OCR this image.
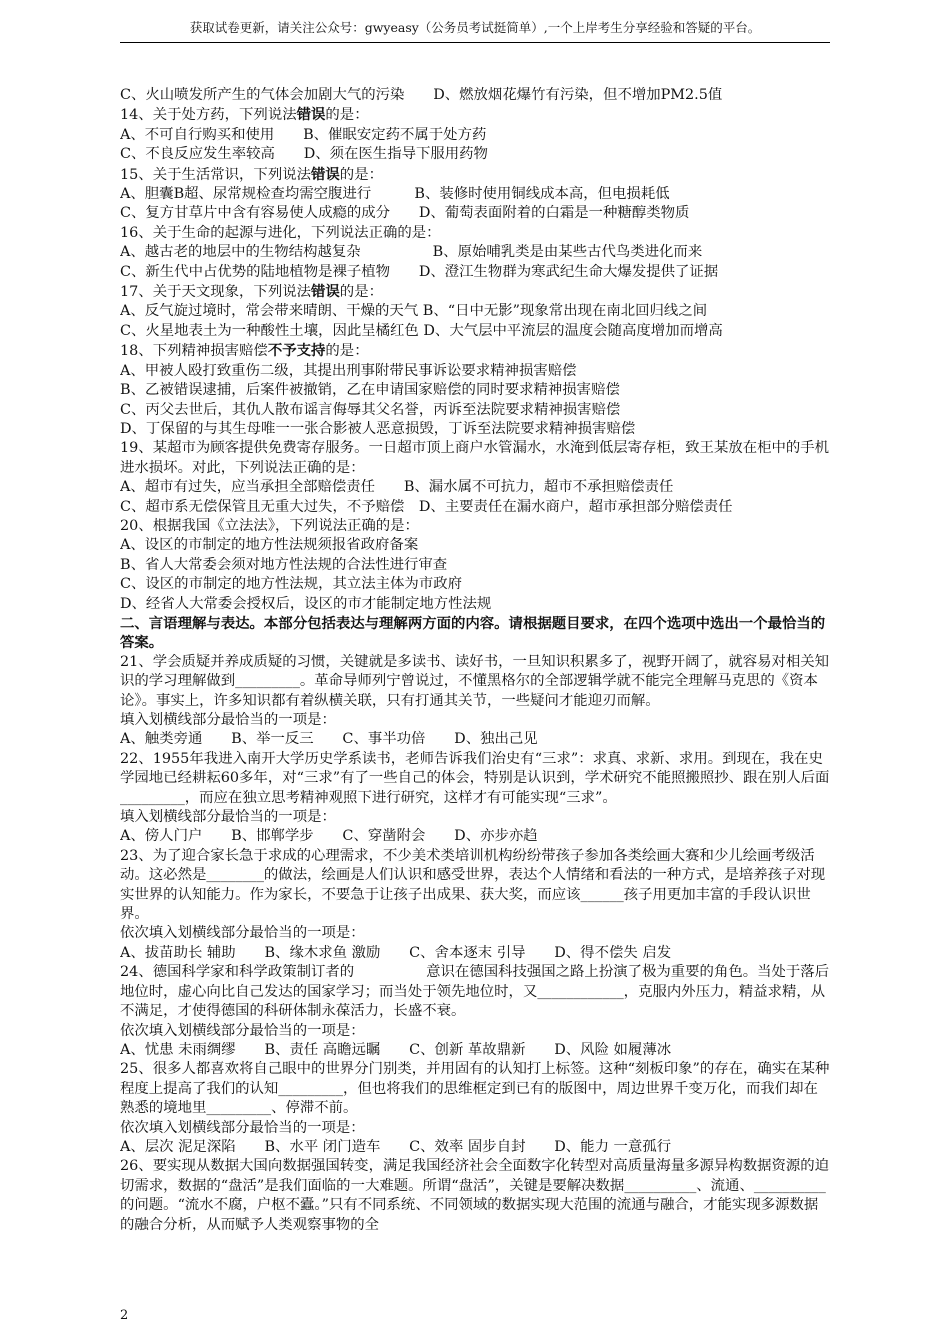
获取试卷更新，请关注公众号：gwyeasy（公务员考试挺简单）,一个上岸考生分享经验和答疑的平台。
C、火山喷发所产生的气体会加剧大气的污染　　D、燃放烟花爆竹有污染，但不增加PM2.5值
14、关于处方药，下列说法错误的是：
A、不可自行购买和使用　　B、催眠安定药不属于处方药
C、不良反应发生率较高　　D、须在医生指导下服用药物
15、关于生活常识，下列说法错误的是：
A、胆囊B超、尿常规检查均需空腹进行　　　B、装修时使用铜线成本高，但电损耗低
C、复方甘草片中含有容易使人成瘾的成分　　D、葡萄表面附着的白霜是一种糖醇类物质
16、关于生命的起源与进化，下列说法正确的是：
A、越古老的地层中的生物结构越复杂　　　　　B、原始哺乳类是由某些古代鸟类进化而来
C、新生代中占优势的陆地植物是裸子植物　　D、澄江生物群为寒武纪生命大爆发提供了证据
17、关于天文现象，下列说法错误的是：
A、反气旋过境时，常会带来晴朗、干燥的天气 B、“日中无影”现象常出现在南北回归线之间
C、火星地表土为一种酸性土壤，因此呈橘红色 D、大气层中平流层的温度会随高度增加而增高
18、下列精神损害赔偿不予支持的是：
A、甲被人殴打致重伤二级，其提出刑事附带民事诉讼要求精神损害赔偿
B、乙被错误逮捕，后案件被撤销，乙在申请国家赔偿的同时要求精神损害赔偿
C、丙父去世后，其仇人散布谣言侮辱其父名誉，丙诉至法院要求精神损害赔偿
D、丁保留的与其生母唯一一张合影被人恶意损毁，丁诉至法院要求精神损害赔偿
19、某超市为顾客提供免费寄存服务。一日超市顶上商户水管漏水，水淹到低层寄存柜，致王某放在柜中的手机进水损坏。对此，下列说法正确的是：
A、超市有过失，应当承担全部赔偿责任　　B、漏水属不可抗力，超市不承担赔偿责任
C、超市系无偿保管且无重大过失，不予赔偿　D、主要责任在漏水商户，超市承担部分赔偿责任
20、根据我国《立法法》，下列说法正确的是：
A、设区的市制定的地方性法规须报省政府备案
B、省人大常委会须对地方性法规的合法性进行审查
C、设区的市制定的地方性法规，其立法主体为市政府
D、经省人大常委会授权后，设区的市才能制定地方性法规
二、言语理解与表达。本部分包括表达与理解两方面的内容。请根据题目要求，在四个选项中选出一个最恰当的答案。
21、学会质疑并养成质疑的习惯，关键就是多读书、读好书，一旦知识积累多了，视野开阔了，就容易对相关知识的学习理解做到_________。革命导师列宁曾说过，不懂黑格尔的全部逻辑学就不能完全理解马克思的《资本论》。事实上，许多知识都有着纵横关联，只有打通其关节，一些疑问才能迎刃而解。
填入划横线部分最恰当的一项是：
A、触类旁通　　B、举一反三　　C、事半功倍　　D、独出己见
22、1955年我进入南开大学历史学系读书，老师告诉我们治史有“三求”：求真、求新、求用。到现在，我在史学园地已经耕耘60多年，对“三求”有了一些自己的体会，特别是认识到，学术研究不能照搬照抄、跟在别人后面_________，而应在独立思考精神观照下进行研究，这样才有可能实现“三求”。
填入划横线部分最恰当的一项是：
A、傍人门户　　B、邯郸学步　　C、穿凿附会　　D、亦步亦趋
23、为了迎合家长急于求成的心理需求，不少美术类培训机构纷纷带孩子参加各类绘画大赛和少儿绘画考级活动。这必然是________的做法，绘画是人们认识和感受世界，表达个人情绪和看法的一种方式，是培养孩子对现实世界的认知能力。作为家长，不要急于让孩子出成果、获大奖，而应该______孩子用更加丰富的手段认识世界。
依次填入划横线部分最恰当的一项是：
A、拔苗助长 辅助　　B、缘木求鱼 激励　　C、舍本逐末 引导　　D、得不偿失 启发
24、德国科学家和科学政策制订者的　　　　　意识在德国科技强国之路上扮演了极为重要的角色。当处于落后地位时，虚心向比自己发达的国家学习；而当处于领先地位时，又____________，克服内外压力，精益求精，从不满足，才使得德国的科研体制永葆活力，长盛不衰。
依次填入划横线部分最恰当的一项是：
A、忧患 未雨绸缪　　B、责任 高瞻远瞩　　C、创新 革故鼎新　　D、风险 如履薄冰
25、很多人都喜欢将自己眼中的世界分门别类，并用固有的认知打上标签。这种“刻板印象”的存在，确实在某种程度上提高了我们的认知_________，但也将我们的思维框定到已有的版图中，周边世界千变万化，而我们却在熟悉的境地里_________、停滞不前。
依次填入划横线部分最恰当的一项是：
A、层次 泥足深陷　　B、水平 闭门造车　　C、效率 固步自封　　D、能力 一意孤行
26、要实现从数据大国向数据强国转变，满足我国经济社会全面数字化转型对高质量海量多源异构数据资源的迫切需求，数据的“盘活”是我们面临的一大难题。所谓“盘活”，关键是要解决数据__________、流通、__________的问题。“流水不腐，户枢不蠹。”只有不同系统、不同领域的数据实现大范围的流通与融合，才能实现多源数据的融合分析，从而赋予人类观察事物的全
2
